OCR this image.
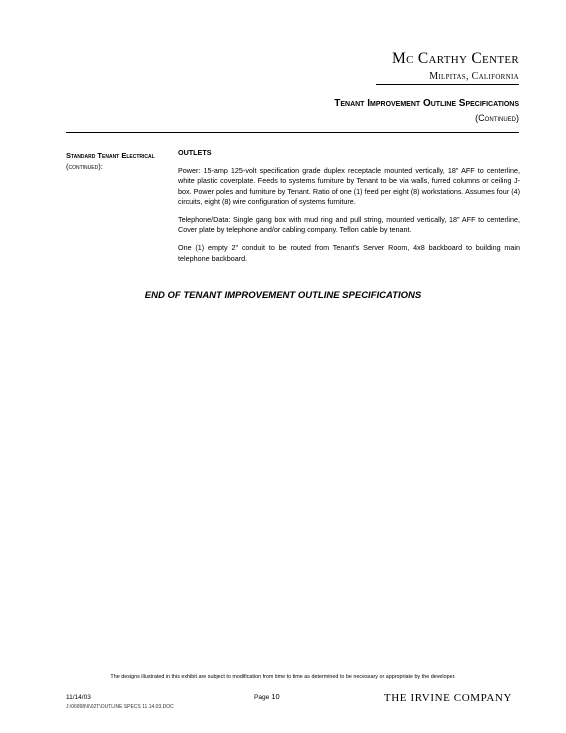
Mc Carthy Center
Milpitas, California
Tenant Improvement Outline Specifications
(Continued)
Standard Tenant Electrical
(continued):

OUTLETS

Power: 15-amp 125-volt specification grade duplex receptacle mounted vertically, 18" AFF to centerline, white plastic coverplate. Feeds to systems furniture by Tenant to be via walls, furred columns or ceiling J-box. Power poles and furniture by Tenant. Ratio of one (1) feed per eight (8) workstations. Assumes four (4) circuits, eight (8) wire configuration of systems furniture.

Telephone/Data: Single gang box with mud ring and pull string, mounted vertically, 18" AFF to centerline, Cover plate by telephone and/or cabling company. Teflon cable by tenant.

One (1) empty 2" conduit to be routed from Tenant's Server Room, 4x8 backboard to building main telephone backboard.

END OF TENANT IMPROVEMENT OUTLINE SPECIFICATIONS
The designs illustrated in this exhibit are subject to modification from time to time as determined to be necessary or appropriate by the developer.
11/14/03
J:\06898\6\02T\OUTLINE SPECS 11.14.03.DOC
Page 10	THE IRVINE COMPANY
